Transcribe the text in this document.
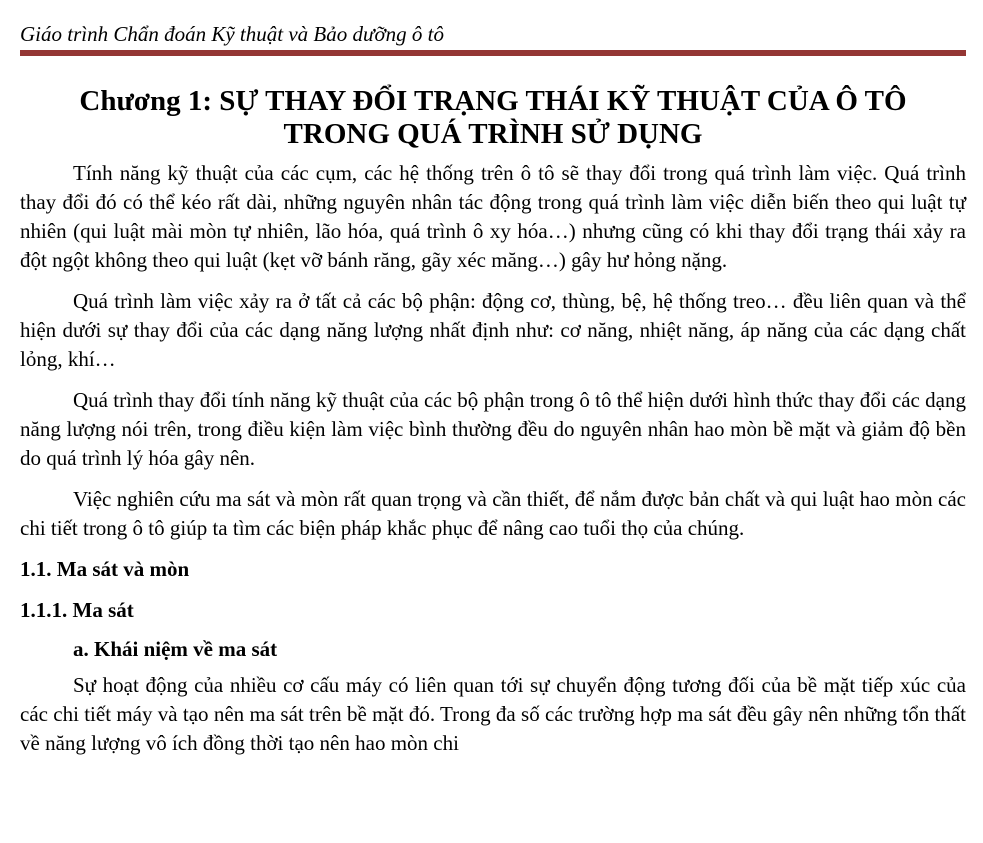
Giáo trình Chẩn đoán Kỹ thuật và Bảo dưỡng ô tô
Chương 1: SỰ THAY ĐỔI TRẠNG THÁI KỸ THUẬT CỦA Ô TÔ
TRONG QUÁ TRÌNH SỬ DỤNG

Tính năng kỹ thuật của các cụm, các hệ thống trên ô tô sẽ thay đổi trong quá trình làm việc. Quá trình thay đổi đó có thể kéo rất dài, những nguyên nhân tác động trong quá trình làm việc diễn biến theo qui luật tự nhiên (qui luật mài mòn tự nhiên, lão hóa, quá trình ô xy hóa…) nhưng cũng có khi thay đổi trạng thái xảy ra đột ngột không theo qui luật (kẹt vỡ bánh răng, gãy xéc măng…) gây hư hỏng nặng.

Quá trình làm việc xảy ra ở tất cả các bộ phận: động cơ, thùng, bệ, hệ thống treo… đều liên quan và thể hiện dưới sự thay đổi của các dạng năng lượng nhất định như: cơ năng, nhiệt năng, áp năng của các dạng chất lỏng, khí…

Quá trình thay đổi tính năng kỹ thuật của các bộ phận trong ô tô thể hiện dưới hình thức thay đổi các dạng năng lượng nói trên, trong điều kiện làm việc bình thường đều do nguyên nhân hao mòn bề mặt và giảm độ bền do quá trình lý hóa gây nên.

Việc nghiên cứu ma sát và mòn rất quan trọng và cần thiết, để nắm được bản chất và qui luật hao mòn các chi tiết trong ô tô giúp ta tìm các biện pháp khắc phục để nâng cao tuổi thọ của chúng.

1.1. Ma sát và mòn
1.1.1. Ma sát
a. Khái niệm về ma sát

Sự hoạt động của nhiều cơ cấu máy có liên quan tới sự chuyển động tương đối của bề mặt tiếp xúc của các chi tiết máy và tạo nên ma sát trên bề mặt đó. Trong đa số các trường hợp ma sát đều gây nên những tổn thất về năng lượng vô ích đồng thời tạo nên hao mòn chi
